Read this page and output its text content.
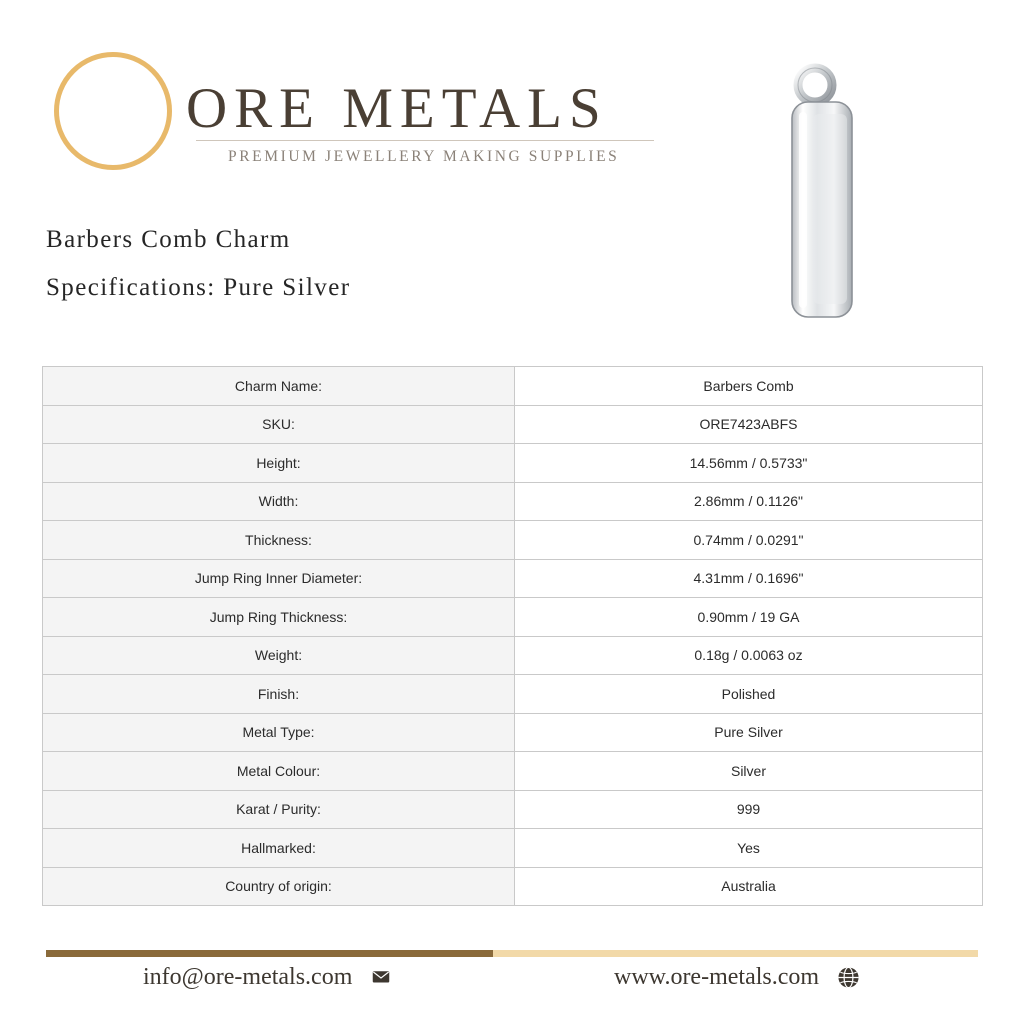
ORE METALS
PREMIUM JEWELLERY MAKING SUPPLIES
Barbers Comb Charm
Specifications: Pure Silver
Charm Name:	Barbers Comb
SKU:	ORE7423ABFS
Height:	14.56mm / 0.5733"
Width:	2.86mm / 0.1126"
Thickness:	0.74mm / 0.0291"
Jump Ring Inner Diameter:	4.31mm / 0.1696"
Jump Ring Thickness:	0.90mm / 19 GA
Weight:	0.18g / 0.0063 oz
Finish:	Polished
Metal Type:	Pure Silver
Metal Colour:	Silver
Karat / Purity:	999
Hallmarked:	Yes
Country of origin:	Australia
info@ore-metals.com	www.ore-metals.com
